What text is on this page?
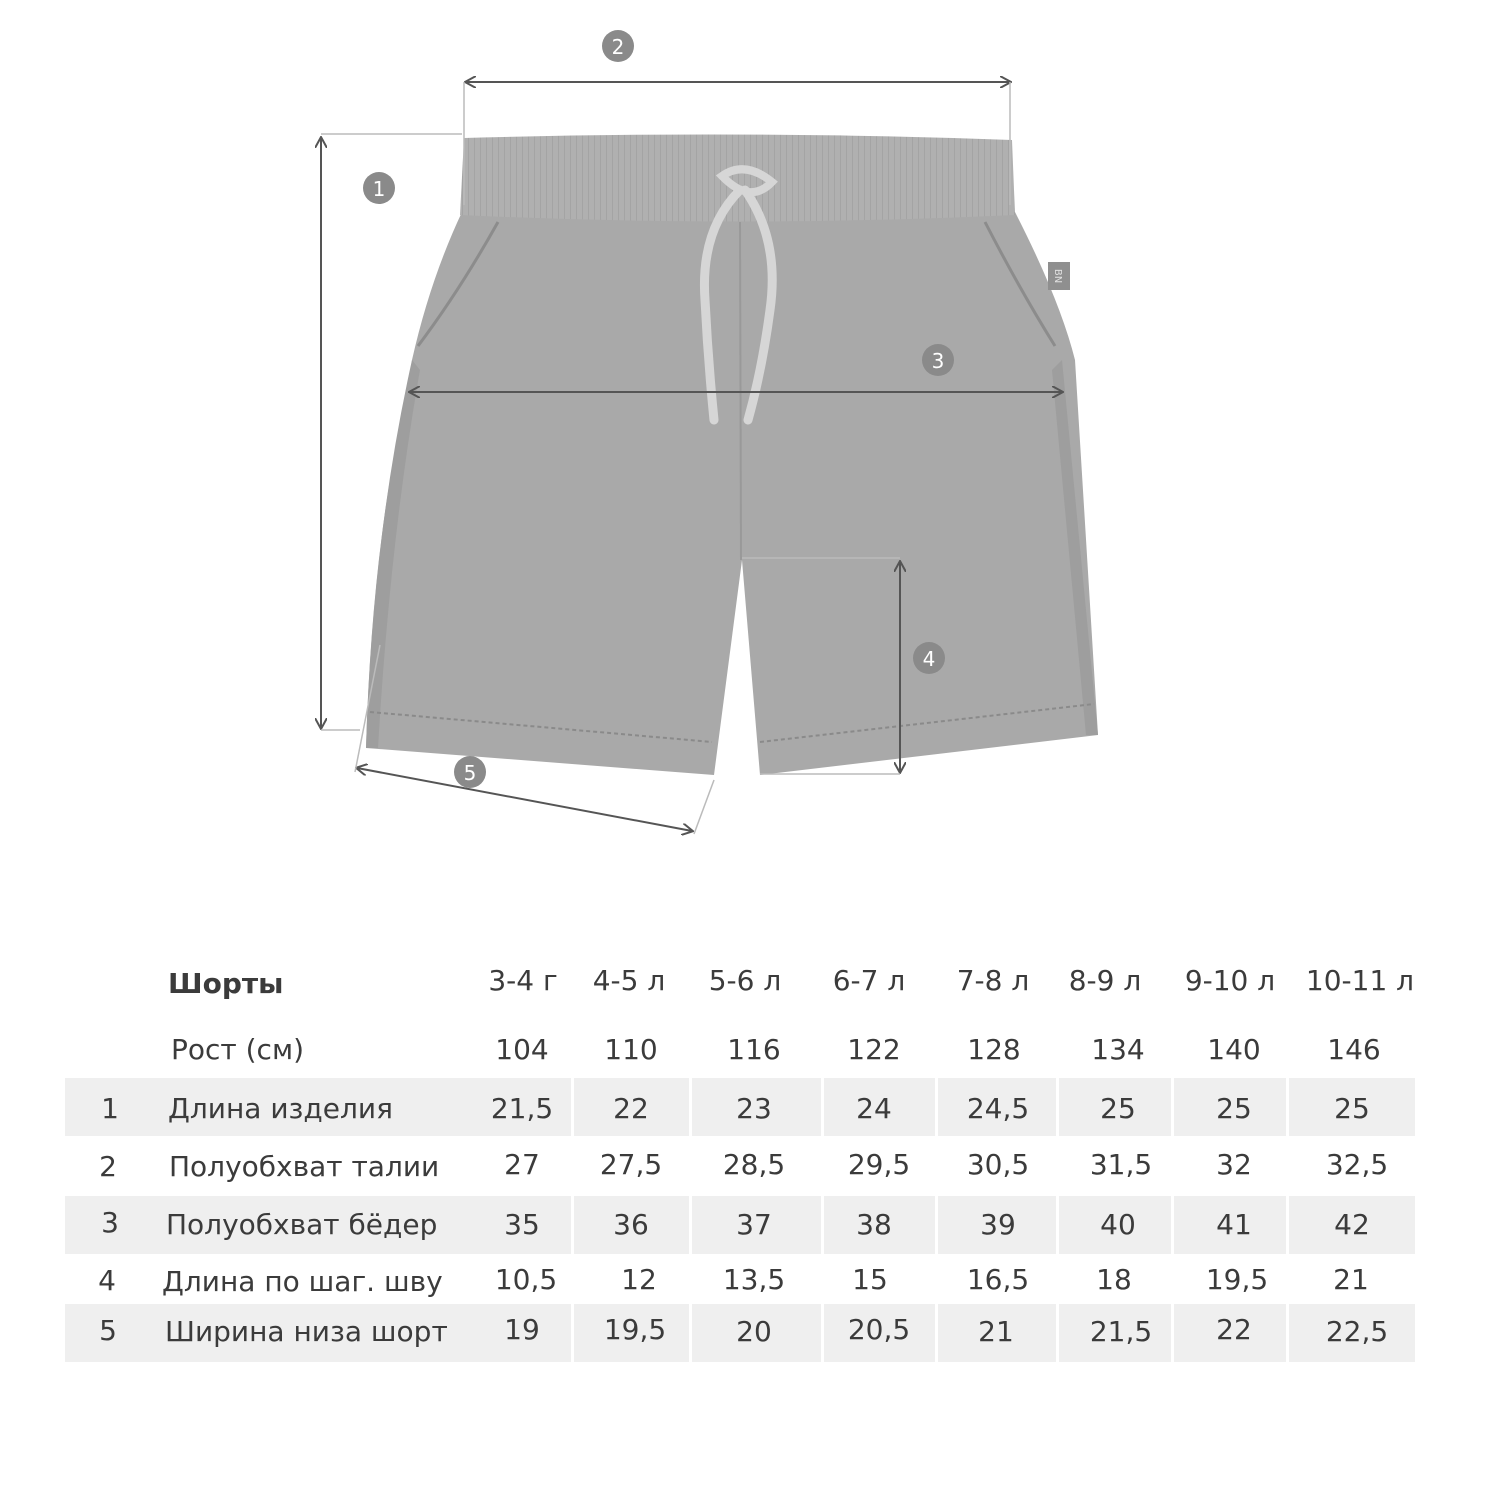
BN
1
2
3
4
5
Шорты	3-4 г	4-5 л	5-6 л	6-7 л	7-8 л	8-9 л	9-10 л	10-11 л
Рост (см)	104	110	116	122	128	134	140	146
1	Длина изделия	21,5	22	23	24	24,5	25	25	25
2	Полуобхват талии	27	27,5	28,5	29,5	30,5	31,5	32	32,5
3	Полуобхват бёдер	35	36	37	38	39	40	41	42
4	Длина по шаг. шву	10,5	12	13,5	15	16,5	18	19,5	21
5	Ширина низа шорт	19	19,5	20	20,5	21	21,5	22	22,5
